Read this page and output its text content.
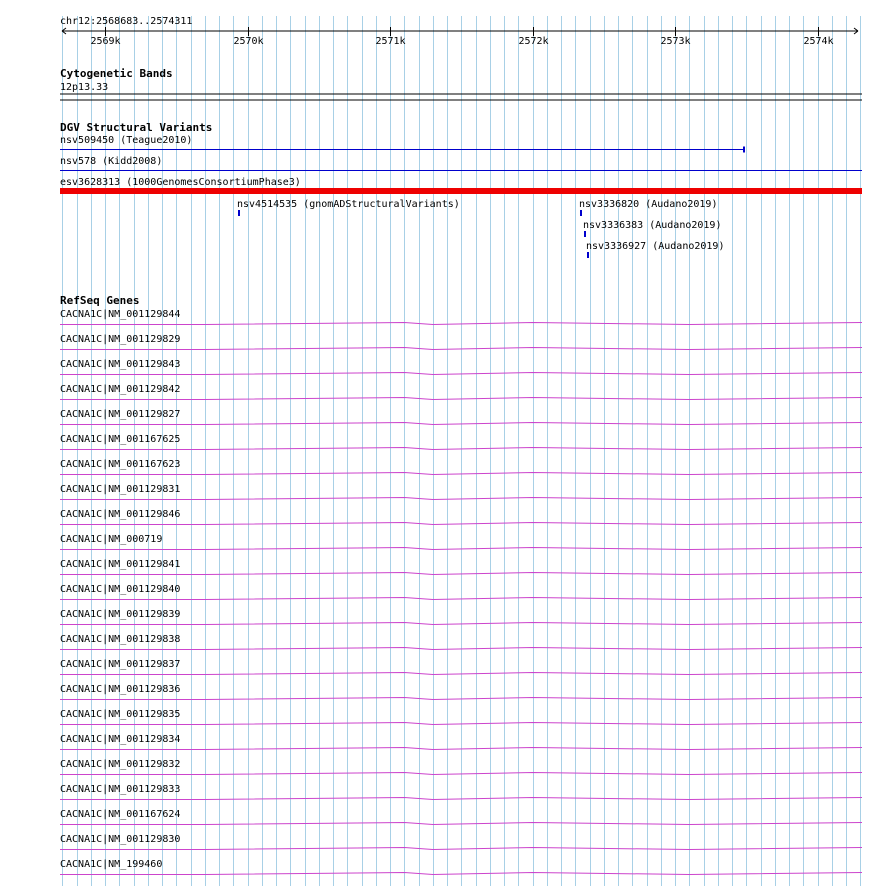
chr12:2568683..2574311
2569k	2570k	2571k	2572k	2573k	2574k
Cytogenetic Bands
12p13.33
DGV Structural Variants
nsv509450 (Teague2010)
nsv578 (Kidd2008)
esv3628313 (1000GenomesConsortiumPhase3)
nsv4514535 (gnomADStructuralVariants)	nsv3336820 (Audano2019)
nsv3336383 (Audano2019)
nsv3336927 (Audano2019)
RefSeq Genes
CACNA1C|NM_001129844
CACNA1C|NM_001129829
CACNA1C|NM_001129843
CACNA1C|NM_001129842
CACNA1C|NM_001129827
CACNA1C|NM_001167625
CACNA1C|NM_001167623
CACNA1C|NM_001129831
CACNA1C|NM_001129846
CACNA1C|NM_000719
CACNA1C|NM_001129841
CACNA1C|NM_001129840
CACNA1C|NM_001129839
CACNA1C|NM_001129838
CACNA1C|NM_001129837
CACNA1C|NM_001129836
CACNA1C|NM_001129835
CACNA1C|NM_001129834
CACNA1C|NM_001129832
CACNA1C|NM_001129833
CACNA1C|NM_001167624
CACNA1C|NM_001129830
CACNA1C|NM_199460
